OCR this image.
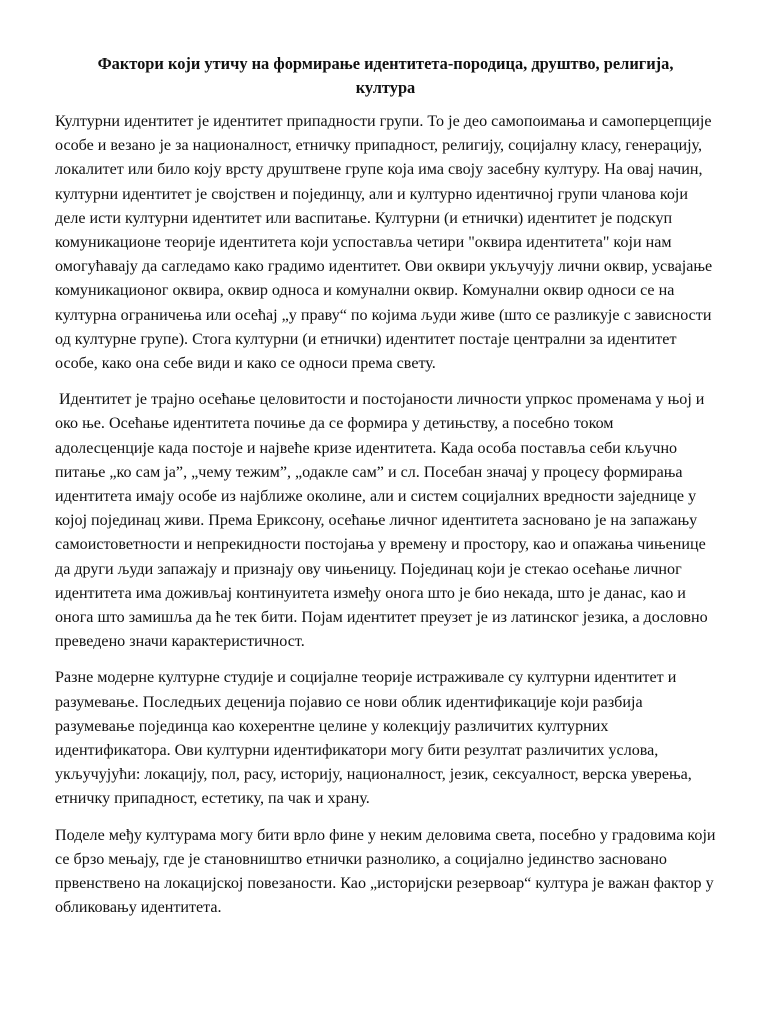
Фактори који утичу на формирање идентитета-породица, друштво, религија, култура

Културни идентитет је идентитет припадности групи. То је део самопоимања и самоперцепције особе и везано је за националност, етничку припадност, религију, социјалну класу, генерацију, локалитет или било коју врсту друштвене групе која има своју засебну културу. На овај начин, културни идентитет је својствен и појединцу, али и културно идентичној групи чланова који деле исти културни идентитет или васпитање. Културни (и етнички) идентитет је подскуп комуникационе теорије идентитета који успоставља четири "оквира идентитета" који нам омогућавају да сагледамо како градимо идентитет. Ови оквири укључују лични оквир, усвајање комуникационог оквира, оквир односа и комунални оквир. Комунални оквир односи се на културна ограничења или осећај „у праву“ по којима људи живе (што се разликује с зависности од културне групе). Стога културни (и етнички) идентитет постаје централни за идентитет особе, како она себе види и како се односи према свету.

Идентитет је трајно осећање целовитости и постојаности личности упркос променама у њој и око ње. Осећање идентитета почиње да се формира у детињству, а посебно током адолесценције када постоје и највеће кризе идентитета. Када особа поставља себи кључно питање „ко сам ја”, „чему тежим”, „одакле сам” и сл. Посебан значај у процесу формирања идентитета имају особе из најближе околине, али и систем социјалних вредности заједнице у којој појединац живи. Према Ериксону, осећање личног идентитета засновано је на запажању самоистоветности и непрекидности постојања у времену и простору, као и опажања чињенице да други људи запажају и признају ову чињеницу. Појединац који је стекао осећање личног идентитета има доживљај континуитета између онога што је био некада, што је данас, као и онога што замишља да ће тек бити. Појам идентитет преузет је из латинског језика, а дословно преведено значи карактеристичност.

Разне модерне културне студије и социјалне теорије истраживале су културни идентитет и разумевање. Последњих деценија појавио се нови облик идентификације који разбија разумевање појединца као кохерентне целине у колекцију различитих културних идентификатора. Ови културни идентификатори могу бити резултат различитих услова, укључујући: локацију, пол, расу, историју, националност, језик, сексуалност, верска уверења, етничку припадност, естетику, па чак и храну.

Поделе међу културама могу бити врло фине у неким деловима света, посебно у градовима који се брзо мењају, где је становништво етнички разнолико, а социјално јединство засновано првенствено на локацијској повезаности. Као „историјски резервоар“ култура је важан фактор у обликовању идентитета.
